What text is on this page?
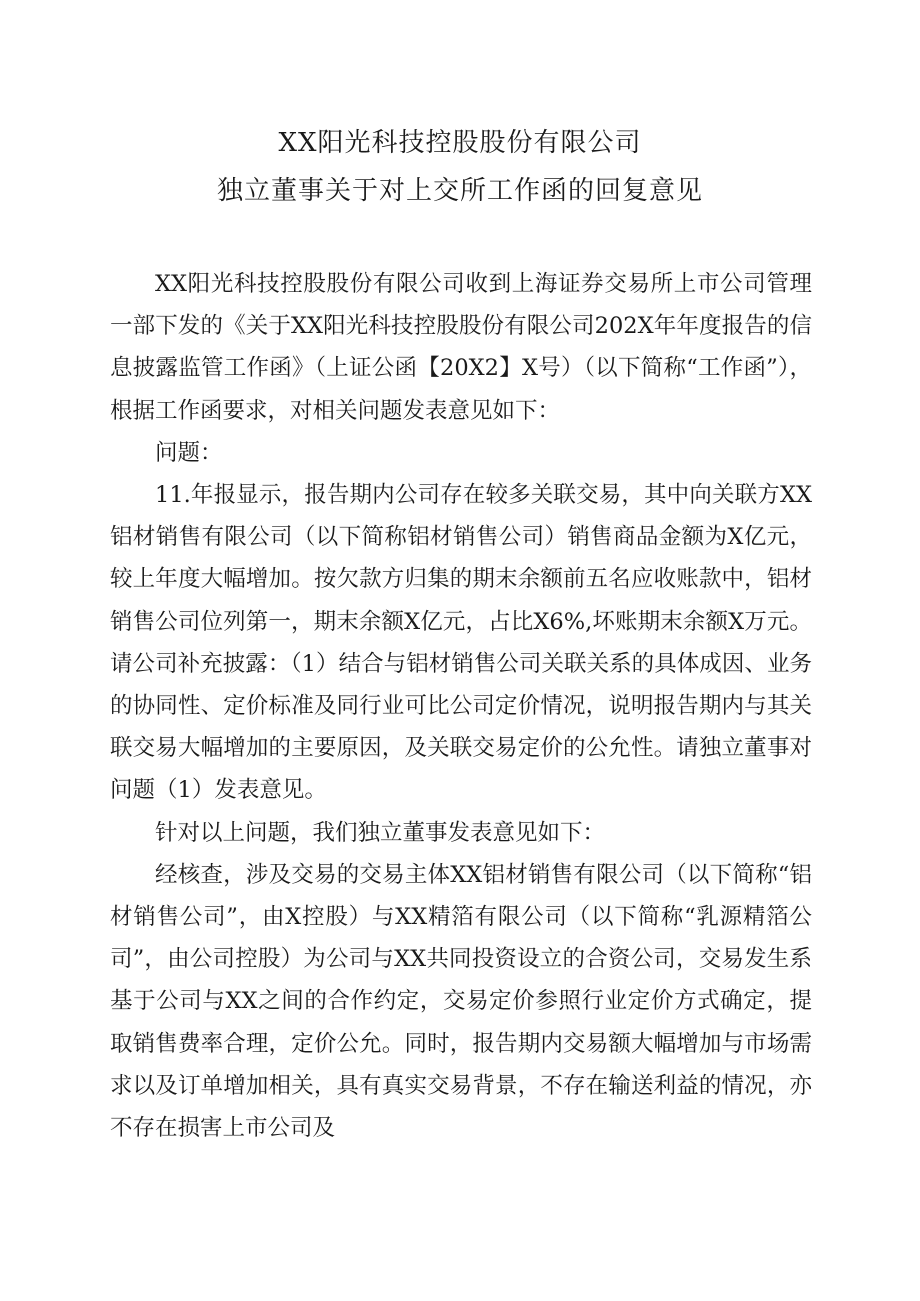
XX阳光科技控股股份有限公司
独立董事关于对上交所工作函的回复意见

XX阳光科技控股股份有限公司收到上海证券交易所上市公司管理一部下发的《关于XX阳光科技控股股份有限公司202X年年度报告的信息披露监管工作函》（上证公函【20X2】X号）（以下简称“工作函”），根据工作函要求，对相关问题发表意见如下：

问题：

11.年报显示，报告期内公司存在较多关联交易，其中向关联方XX铝材销售有限公司（以下简称铝材销售公司）销售商品金额为X亿元，较上年度大幅增加。按欠款方归集的期末余额前五名应收账款中，铝材销售公司位列第一，期末余额X亿元，占比X6%,坏账期末余额X万元。请公司补充披露：（1）结合与铝材销售公司关联关系的具体成因、业务的协同性、定价标准及同行业可比公司定价情况，说明报告期内与其关联交易大幅增加的主要原因，及关联交易定价的公允性。请独立董事对问题（1）发表意见。

针对以上问题，我们独立董事发表意见如下：

经核查，涉及交易的交易主体XX铝材销售有限公司（以下简称“铝材销售公司”，由X控股）与XX精箔有限公司（以下简称“乳源精箔公司”，由公司控股）为公司与XX共同投资设立的合资公司，交易发生系基于公司与XX之间的合作约定，交易定价参照行业定价方式确定，提取销售费率合理，定价公允。同时，报告期内交易额大幅增加与市场需求以及订单增加相关，具有真实交易背景，不存在输送利益的情况，亦不存在损害上市公司及
